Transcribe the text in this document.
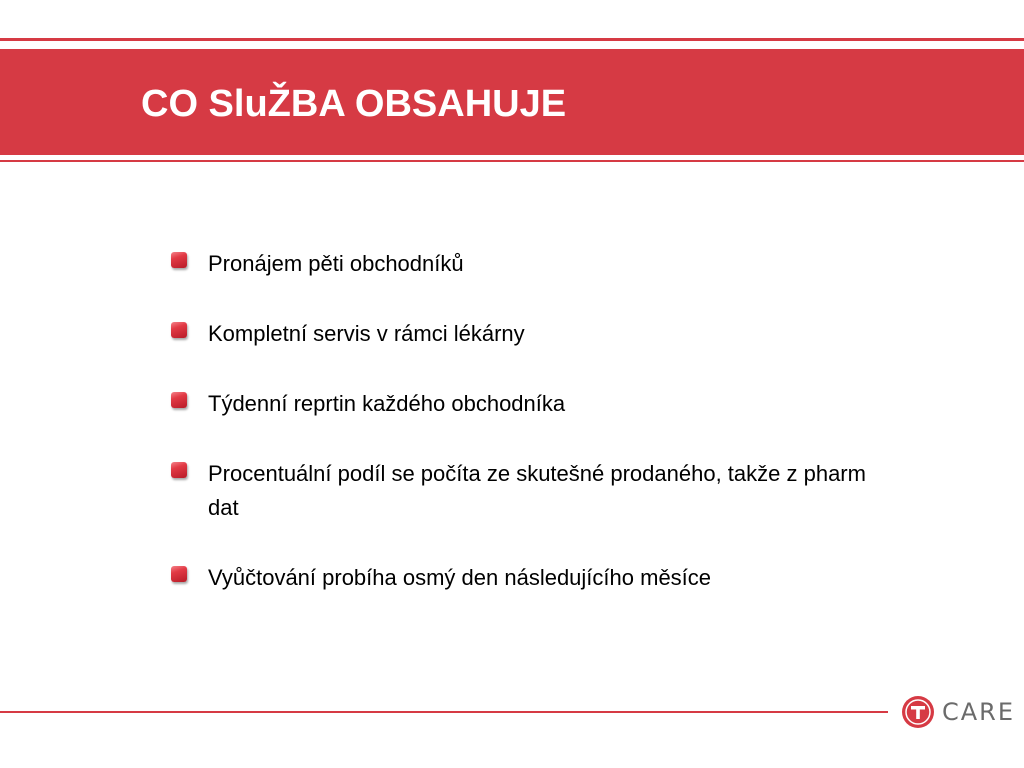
CO SluŽBA OBSAHUJE
Pronájem pěti obchodníků
Kompletní servis v rámci lékárny
Týdenní reprtin každého obchodníka
Procentuální podíl se počíta ze skutešné prodaného, takže z pharm dat
Vyůčtování probíha osmý den následujícího měsíce
CARE
